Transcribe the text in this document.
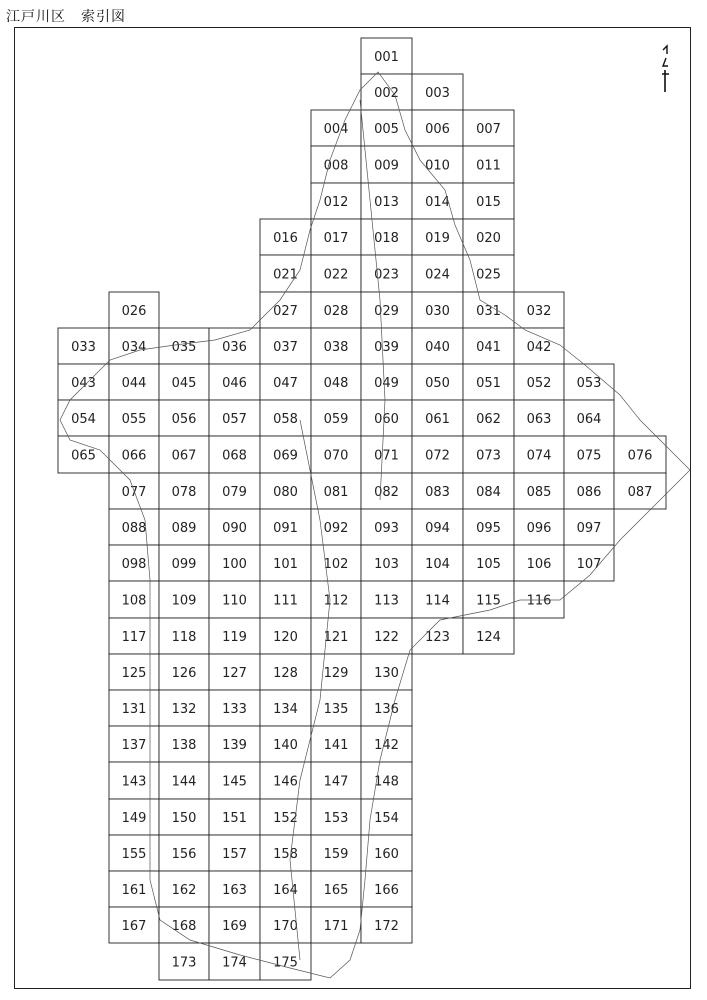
江戸川区　索引図
001
002 003
004 005 006 007
008 009 010 011
012 013 014 015
016 017 018 019 020
021 022 023 024 025
026	027 028 029 030 031 032
033 034 035 036 037 038 039 040 041 042
043 044 045 046 047 048 049 050 051 052 053
054 055 056 057 058 059 060 061 062 063 064
065 066 067 068 069 070 071 072 073 074 075 076
077 078 079 080 081 082 083 084 085 086 087
088 089 090 091 092 093 094 095 096 097
098 099 100 101 102 103 104 105 106 107
108 109 110 111 112 113 114 115 116
117 118 119 120 121 122 123 124
125 126 127 128 129 130
131 132 133 134 135 136
137 138 139 140 141 142
143 144 145 146 147 148
149 150 151 152 153 154
155 156 157 158 159 160
161 162 163 164 165 166
167 168 169 170 171 172
173 174 175
